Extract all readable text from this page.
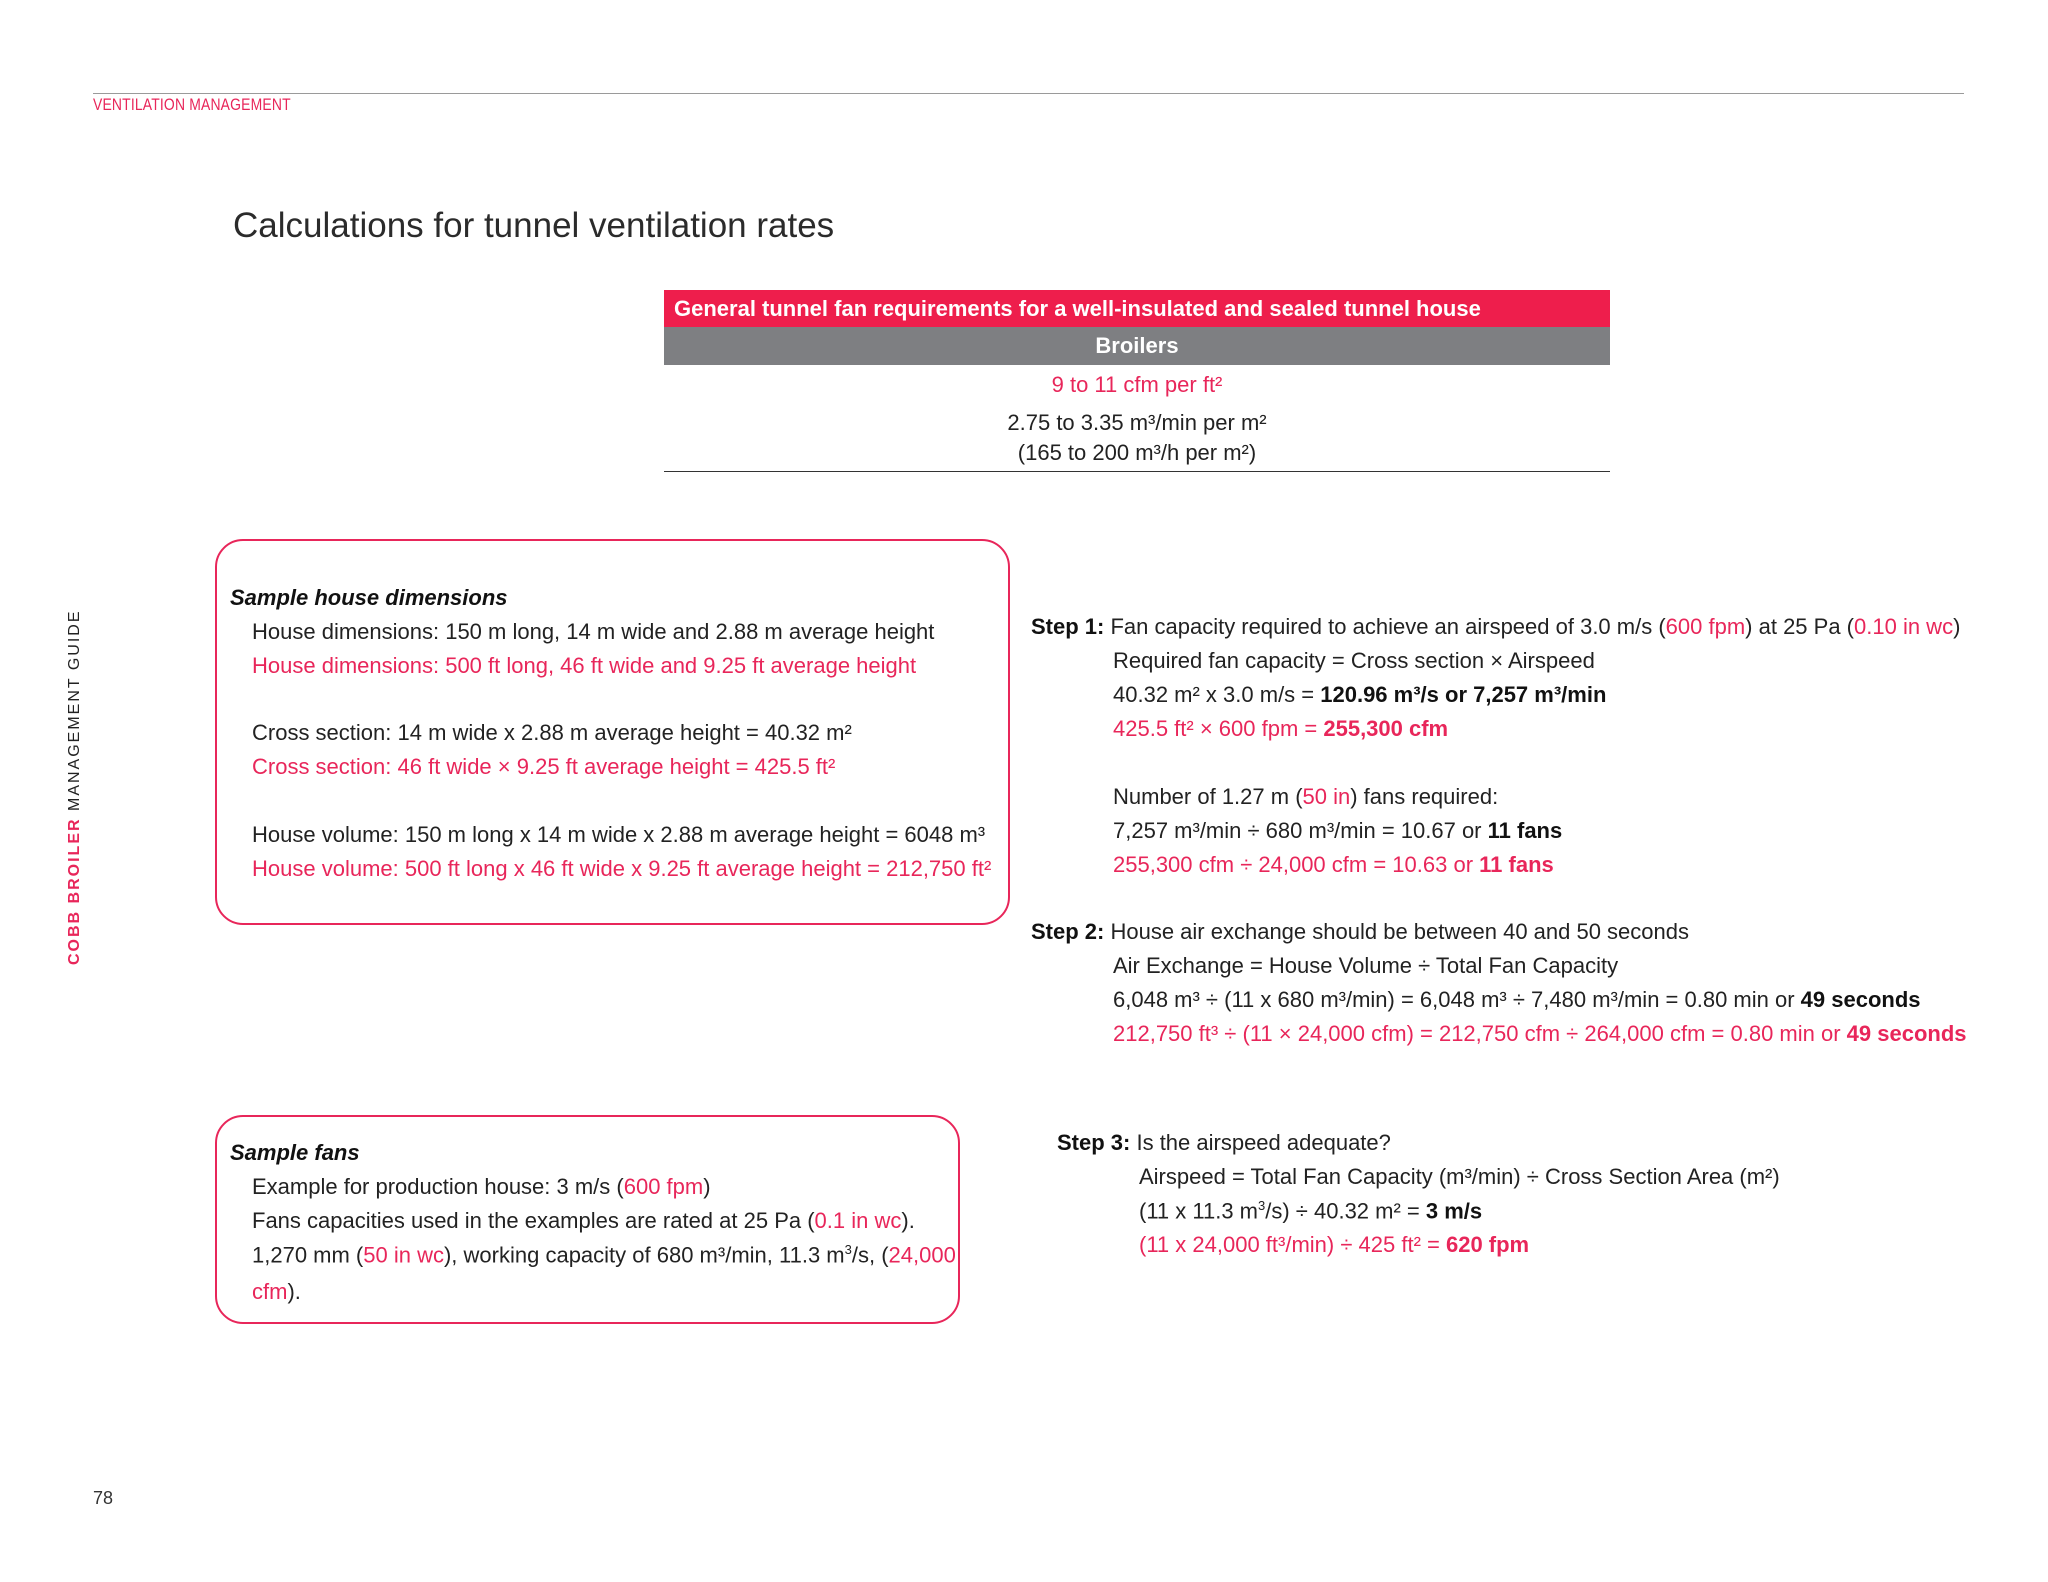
VENTILATION MANAGEMENT
COBB BROILER MANAGEMENT GUIDE
Calculations for tunnel ventilation rates
General tunnel fan requirements for a well-insulated and sealed tunnel house
Broilers
9 to 11 cfm per ft²
2.75 to 3.35 m³/min per m²
(165 to 200 m³/h per m²)
Sample house dimensions
House dimensions: 150 m long, 14 m wide and 2.88 m average height
House dimensions: 500 ft long, 46 ft wide and 9.25 ft average height
Cross section: 14 m wide x 2.88 m average height = 40.32 m²
Cross section: 46 ft wide × 9.25 ft average height = 425.5 ft²
House volume: 150 m long x 14 m wide x 2.88 m average height = 6048 m³
House volume: 500 ft long x 46 ft wide x 9.25 ft average height = 212,750 ft²
Sample fans
Example for production house: 3 m/s (600 fpm)
Fans capacities used in the examples are rated at 25 Pa (0.1 in wc).
1,270 mm (50 in wc), working capacity of 680 m³/min, 11.3 $m^3/s$, (24,000
cfm).
Step 1: Fan capacity required to achieve an airspeed of 3.0 m/s (600 fpm) at 25 Pa (0.10 in wc)
Required fan capacity = Cross section × Airspeed
40.32 m² x 3.0 m/s = 120.96 m³/s or 7,257 m³/min
425.5 ft² × 600 fpm = 255,300 cfm
Number of 1.27 m (50 in) fans required:
7,257 m³/min ÷ 680 m³/min = 10.67 or 11 fans
255,300 cfm ÷ 24,000 cfm = 10.63 or 11 fans
Step 2: House air exchange should be between 40 and 50 seconds
Air Exchange = House Volume ÷ Total Fan Capacity
6,048 m³ ÷ (11 x 680 m³/min) = 6,048 m³ ÷ 7,480 m³/min = 0.80 min or 49 seconds
212,750 ft³ ÷ (11 × 24,000 cfm) = 212,750 cfm ÷ 264,000 cfm = 0.80 min or 49 seconds
Step 3: Is the airspeed adequate?
Airspeed = Total Fan Capacity (m³/min) ÷ Cross Section Area (m²)
(11 x 11.3 $m^3/s) \div 40.32$ m² = 3 m/s
(11 x 24,000 ft³/min) ÷ 425 ft² = 620 fpm
78
